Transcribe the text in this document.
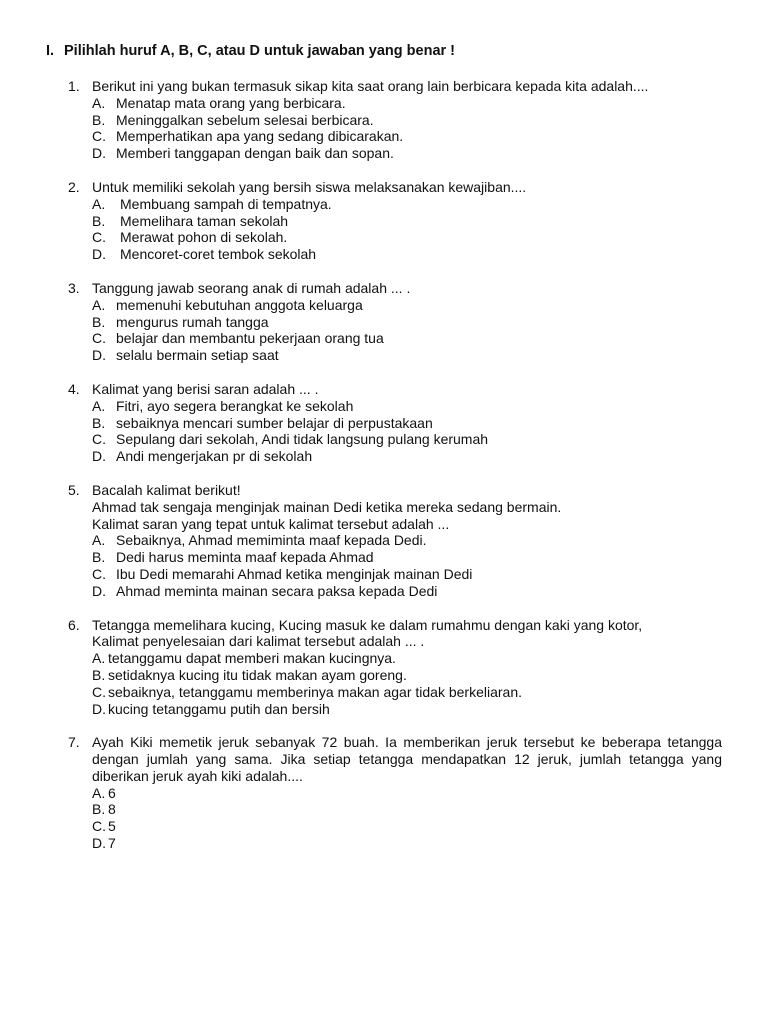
I. Pilihlah huruf A, B, C, atau D untuk jawaban yang benar !
1. Berikut ini yang bukan termasuk sikap kita saat orang lain berbicara kepada kita adalah....
A. Menatap mata orang yang berbicara.
B. Meninggalkan sebelum selesai berbicara.
C. Memperhatikan apa yang sedang dibicarakan.
D. Memberi tanggapan dengan baik dan sopan.
2. Untuk memiliki sekolah yang bersih siswa melaksanakan kewajiban....
A.	Membuang sampah di tempatnya.
B.	Memelihara taman sekolah
C.	Merawat pohon di sekolah.
D.	Mencoret-coret tembok sekolah
3. Tanggung jawab seorang anak di rumah adalah ... .
A. memenuhi kebutuhan anggota keluarga
B. mengurus rumah tangga
C. belajar dan membantu pekerjaan orang tua
D. selalu bermain setiap saat
4. Kalimat yang berisi saran adalah ... .
A. Fitri, ayo segera berangkat ke sekolah
B. sebaiknya mencari sumber belajar di perpustakaan
C. Sepulang dari sekolah, Andi tidak langsung pulang kerumah
D. Andi mengerjakan pr di sekolah
5. Bacalah kalimat berikut!
Ahmad tak sengaja menginjak mainan Dedi ketika mereka sedang bermain.
Kalimat saran yang tepat untuk kalimat tersebut adalah ...
A. Sebaiknya, Ahmad memiminta maaf kepada Dedi.
B. Dedi harus meminta maaf kepada Ahmad
C. Ibu Dedi memarahi Ahmad ketika menginjak mainan Dedi
D. Ahmad meminta mainan secara paksa kepada Dedi
6. Tetangga memelihara kucing, Kucing masuk ke dalam rumahmu dengan kaki yang kotor,
Kalimat penyelesaian dari kalimat tersebut adalah ... .
A. tetanggamu dapat memberi makan kucingnya.
B. setidaknya kucing itu tidak makan ayam goreng.
C. sebaiknya, tetanggamu memberinya makan agar tidak berkeliaran.
D. kucing tetanggamu putih dan bersih
7. Ayah Kiki memetik jeruk sebanyak 72 buah. Ia memberikan jeruk tersebut ke beberapa tetangga dengan jumlah yang sama. Jika setiap tetangga mendapatkan 12 jeruk, jumlah tetangga yang diberikan jeruk ayah kiki adalah....
A. 6
B. 8
C. 5
D. 7
